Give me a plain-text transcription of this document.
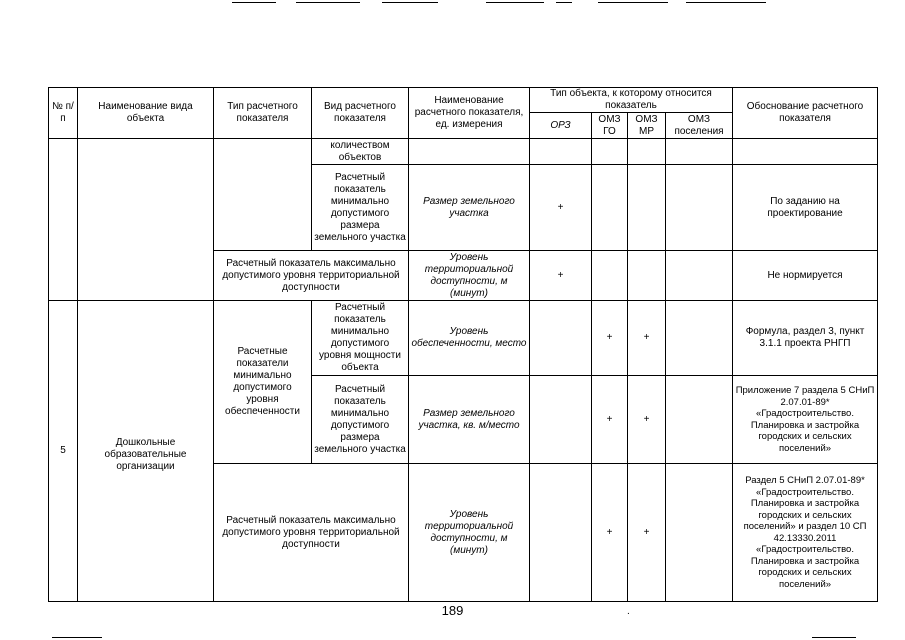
№ п/п	Наименование вида объекта	Тип расчетного показателя	Вид расчетного показателя	Наименование расчетного показателя, ед. измерения	Тип объекта, к которому относится показатель				Обоснование расчетного показателя
					ОРЗ	ОМЗ ГО	ОМЗ МР	ОМЗ поселения	
			количеством объектов						
			Расчетный показатель минимально допустимого размера земельного участка	Размер земельного участка	+				По заданию на проектирование
		Расчетный показатель максимально допустимого уровня территориальной доступности		Уровень территориальной доступности, м (минут)	+				Не нормируется
5	Дошкольные образовательные организации	Расчетные показатели минимально допустимого уровня обеспеченности	Расчетный показатель минимально допустимого уровня мощности объекта	Уровень обеспеченности, место		+	+		Формула, раздел 3, пункт 3.1.1 проекта РНГП
			Расчетный показатель минимально допустимого размера земельного участка	Размер земельного участка, кв. м/место		+	+		Приложение 7 раздела 5 СНиП 2.07.01-89* «Градостроительство. Планировка и застройка городских и сельских поселений»
		Расчетный показатель максимально допустимого уровня территориальной доступности		Уровень территориальной доступности, м (минут)		+	+		Раздел 5 СНиП 2.07.01-89* «Градостроительство. Планировка и застройка городских и сельских поселений» и раздел 10 СП 42.13330.2011 «Градостроительство. Планировка и застройка городских и сельских поселений»
189	.
